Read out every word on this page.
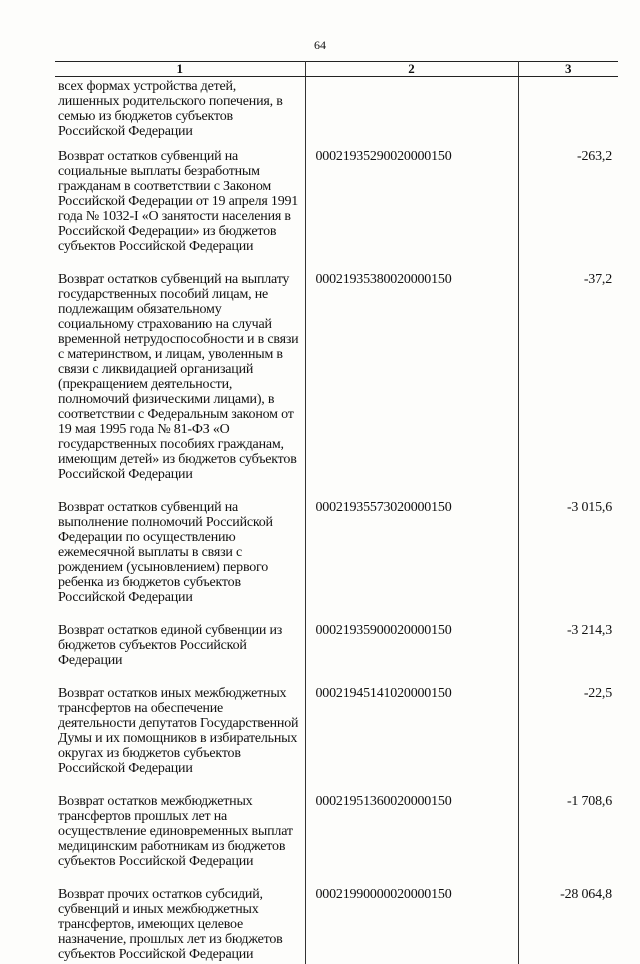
64
1	2	3
всех формах устройства детей, лишенных родительского попечения, в семью из бюджетов субъектов Российской Федерации		
Возврат остатков субвенций на социальные выплаты безработным гражданам в соответствии с Законом Российской Федерации от 19 апреля 1991 года № 1032-I «О занятости населения в Российской Федерации» из бюджетов субъектов Российской Федерации	00021935290020000150	-263,2
Возврат остатков субвенций на выплату государственных пособий лицам, не подлежащим обязательному социальному страхованию на случай временной нетрудоспособности и в связи с материнством, и лицам, уволенным в связи с ликвидацией организаций (прекращением деятельности, полномочий физическими лицами), в соответствии с Федеральным законом от 19 мая 1995 года № 81-ФЗ «О государственных пособиях гражданам, имеющим детей» из бюджетов субъектов Российской Федерации	00021935380020000150	-37,2
Возврат остатков субвенций на выполнение полномочий Российской Федерации по осуществлению ежемесячной выплаты в связи с рождением (усыновлением) первого ребенка из бюджетов субъектов Российской Федерации	00021935573020000150	-3 015,6
Возврат остатков единой субвенции из бюджетов субъектов Российской Федерации	00021935900020000150	-3 214,3
Возврат остатков иных межбюджетных трансфертов на обеспечение деятельности депутатов Государственной Думы и их помощников в избирательных округах из бюджетов субъектов Российской Федерации	00021945141020000150	-22,5
Возврат остатков межбюджетных трансфертов прошлых лет на осуществление единовременных выплат медицинским работникам из бюджетов субъектов Российской Федерации	00021951360020000150	-1 708,6
Возврат прочих остатков субсидий, субвенций и иных межбюджетных трансфертов, имеющих целевое назначение, прошлых лет из бюджетов субъектов Российской Федерации	00021990000020000150	-28 064,8
